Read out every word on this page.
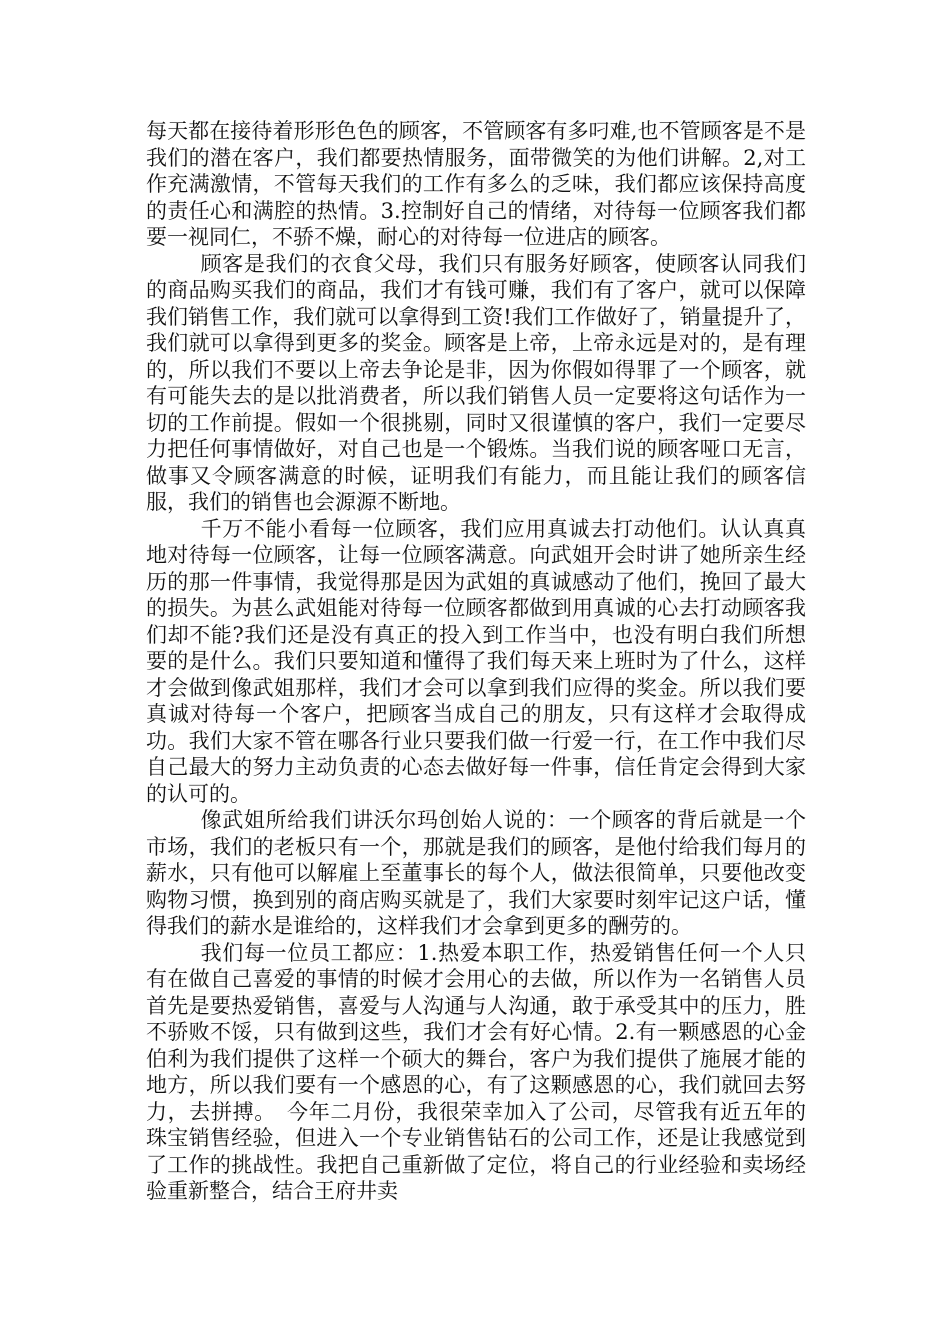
每天都在接待着形形色色的顾客，不管顾客有多叼难,也不管顾客是不是我们的潜在客户，我们都要热情服务，面带微笑的为他们讲解。2,对工作充满激情，不管每天我们的工作有多么的乏味，我们都应该保持高度的责任心和满腔的热情。3.控制好自己的情绪，对待每一位顾客我们都要一视同仁，不骄不燥，耐心的对待每一位进店的顾客。

顾客是我们的衣食父母，我们只有服务好顾客，使顾客认同我们的商品购买我们的商品，我们才有钱可赚，我们有了客户，就可以保障我们销售工作，我们就可以拿得到工资!我们工作做好了，销量提升了，我们就可以拿得到更多的奖金。顾客是上帝，上帝永远是对的，是有理的，所以我们不要以上帝去争论是非，因为你假如得罪了一个顾客，就有可能失去的是以批消费者，所以我们销售人员一定要将这句话作为一切的工作前提。假如一个很挑剔，同时又很谨慎的客户，我们一定要尽力把任何事情做好，对自己也是一个锻炼。当我们说的顾客哑口无言，做事又令顾客满意的时候，证明我们有能力，而且能让我们的顾客信服，我们的销售也会源源不断地。

千万不能小看每一位顾客，我们应用真诚去打动他们。认认真真地对待每一位顾客，让每一位顾客满意。向武姐开会时讲了她所亲生经历的那一件事情，我觉得那是因为武姐的真诚感动了他们，挽回了最大的损失。为甚么武姐能对待每一位顾客都做到用真诚的心去打动顾客我们却不能?我们还是没有真正的投入到工作当中，也没有明白我们所想要的是什么。我们只要知道和懂得了我们每天来上班时为了什么，这样才会做到像武姐那样，我们才会可以拿到我们应得的奖金。所以我们要真诚对待每一个客户，把顾客当成自己的朋友，只有这样才会取得成功。我们大家不管在哪各行业只要我们做一行爱一行，在工作中我们尽自己最大的努力主动负责的心态去做好每一件事，信任肯定会得到大家的认可的。

像武姐所给我们讲沃尔玛创始人说的：一个顾客的背后就是一个市场，我们的老板只有一个，那就是我们的顾客，是他付给我们每月的薪水，只有他可以解雇上至董事长的每个人，做法很简单，只要他改变购物习惯，换到别的商店购买就是了，我们大家要时刻牢记这户话，懂得我们的薪水是谁给的，这样我们才会拿到更多的酬劳的。

我们每一位员工都应：1.热爱本职工作，热爱销售任何一个人只有在做自己喜爱的事情的时候才会用心的去做，所以作为一名销售人员首先是要热爱销售，喜爱与人沟通与人沟通，敢于承受其中的压力，胜不骄败不馁，只有做到这些，我们才会有好心情。2.有一颗感恩的心金伯利为我们提供了这样一个硕大的舞台，客户为我们提供了施展才能的地方，所以我们要有一个感恩的心，有了这颗感恩的心，我们就回去努力，去拼搏。　今年二月份，我很荣幸加入了公司，尽管我有近五年的珠宝销售经验，但进入一个专业销售钻石的公司工作，还是让我感觉到了工作的挑战性。我把自己重新做了定位，将自己的行业经验和卖场经验重新整合，结合王府井卖
